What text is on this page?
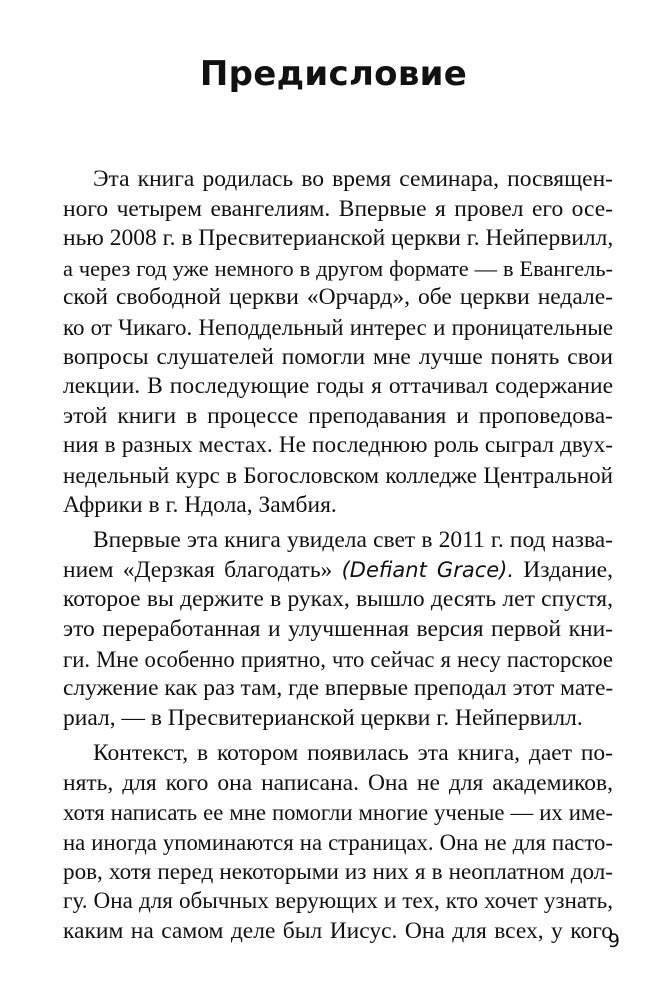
Предисловие

Эта книга родилась во время семинара, посвящен-
ного четырем евангелиям. Впервые я провел его осе-
нью 2008 г. в Пресвитерианской церкви г. Нейпервилл,
а через год уже немного в другом формате — в Евангель-
ской свободной церкви «Орчард», обе церкви недале-
ко от Чикаго. Неподдельный интерес и проницательные
вопросы слушателей помогли мне лучше понять свои
лекции. В последующие годы я оттачивал содержание
этой книги в процессе преподавания и проповедова-
ния в разных местах. Не последнюю роль сыграл двух-
недельный курс в Богословском колледже Центральной
Африки в г. Ндола, Замбия.

Впервые эта книга увидела свет в 2011 г. под назва-
нием «Дерзкая благодать» (Defiant Grace). Издание,
которое вы держите в руках, вышло десять лет спустя,
это переработанная и улучшенная версия первой кни-
ги. Мне особенно приятно, что сейчас я несу пасторское
служение как раз там, где впервые преподал этот мате-
риал, — в Пресвитерианской церкви г. Нейпервилл.

Контекст, в котором появилась эта книга, дает по-
нять, для кого она написана. Она не для академиков,
хотя написать ее мне помогли многие ученые — их име-
на иногда упоминаются на страницах. Она не для пасто-
ров, хотя перед некоторыми из них я в неоплатном дол-
гу. Она для обычных верующих и тех, кто хочет узнать,
каким на самом деле был Иисус. Она для всех, у кого

9
